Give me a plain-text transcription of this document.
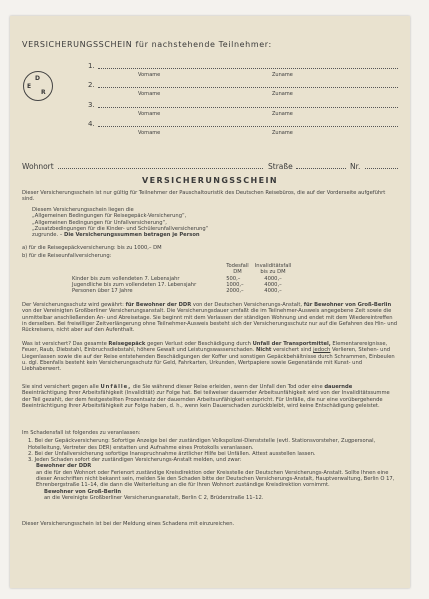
VERSICHERUNGSSCHEIN für nachstehende Teilnehmer:
D
E
R
1.
Vorname	Zuname
2.
Vorname	Zuname
3.
Vorname	Zuname
4.
Vorname	Zuname
Wohnort	Straße	Nr.
VERSICHERUNGSSCHEIN
Dieser Versicherungsschein ist nur gültig für Teilnehmer der Pauschaltouristik des Deutschen Reisebüros, die auf der Vorderseite aufgeführt sind.
Diesem Versicherungsschein liegen die
„Allgemeinen Bedingungen für Reisegepäck-Versicherung“,
„Allgemeinen Bedingungen für Unfallversicherung“,
„Zusatzbedingungen für die Kinder- und Schülerunfallversicherung“
zugrunde. – Die Versicherungssummen betragen je Person
a) für die Reisegepäckversicherung: bis zu 1000,– DM
b) für die Reiseunfallversicherung:
	Todesfall	Invaliditätsfall
	DM	bis zu DM
Kinder bis zum vollendeten 7. Lebensjahr	500,–	4000,–
Jugendliche bis zum vollendeten 17. Lebensjahr	1000,–	4000,–
Personen über 17 Jahre	2000,–	4000,–
Der Versicherungsschutz wird gewährt: für Bewohner der DDR von der Deutschen Versicherungs-Anstalt, für Bewohner von Groß-Berlin von der Vereinigten Großberliner Versicherungsanstalt. Die Versicherungsdauer umfaßt die im Teilnehmer-Ausweis angegebene Zeit sowie die unmittelbar anschließenden An- und Abreisetage. Sie beginnt mit dem Verlassen der ständigen Wohnung und endet mit dem Wiedereintreffen in derselben. Bei freiwilliger Zeitverlängerung ohne Teilnehmer-Ausweis besteht sich der Versicherungsschutz nur auf die Gefahren des Hin- und Rückreisens, nicht aber auf den Aufenthalt.
Was ist versichert? Das gesamte Reisegepäck gegen Verlust oder Beschädigung durch Unfall der Transportmittel, Elementarereignisse, Feuer, Raub, Diebstahl, Einbruchsdiebstahl, höhere Gewalt und Leistungswasserschaden. Nicht versichert sind jedoch Verlieren, Stehen- und Liegenlassen sowie die auf der Reise entstehenden Beschädigungen der Koffer und sonstigen Gepäckbehältnisse durch Schrammen, Einbeulen u. dgl. Ebenfalls besteht kein Versicherungsschutz für Geld, Fahrkarten, Urkunden, Wertpapiere sowie Gegenstände mit Kunst- und Liebhaberwert.
Sie sind versichert gegen alle Unfälle, die Sie während dieser Reise erleiden, wenn der Unfall den Tod oder eine dauernde Beeinträchtigung Ihrer Arbeitsfähigkeit (Invalidität) zur Folge hat. Bei teilweiser dauernder Arbeitsunfähigkeit wird von der Invaliditätssumme der Teil gezahlt, der dem festgestellten Prozentsatz der dauernden Arbeitsunfähigkeit entspricht. Für Unfälle, die nur eine vorübergehende Beeinträchtigung Ihrer Arbeitsfähigkeit zur Folge haben, d. h., wenn kein Dauerschaden zurückbleibt, wird keine Entschädigung geleistet.
Im Schadensfall ist folgendes zu veranlassen:
1. Bei der Gepäckversicherung: Sofortige Anzeige bei der zuständigen Volkspolizei-Dienststelle (evtl. Stationsvorsteher, Zugpersonal, Hotelleitung, Vertreter des DER) erstatten und Aufnahme eines Protokolls veranlassen.
2. Bei der Unfallversicherung sofortige Inanspruchnahme ärztlicher Hilfe bei Unfällen. Attest ausstellen lassen.
3. Jeden Schaden sofort der zuständigen Versicherungs-Anstalt melden, und zwar:
Bewohner der DDR
an die für den Wohnort oder Ferienort zuständige Kreisdirektion oder Kreisstelle der Deutschen Versicherungs-Anstalt. Sollte Ihnen eine dieser Anschriften nicht bekannt sein, melden Sie den Schaden bitte der Deutschen Versicherungs-Anstalt, Hauptverwaltung, Berlin O 17, Ehrenbergstraße 11–14, die dann die Weiterleitung an die für Ihren Wohnort zuständige Kreisdirektion vornimmt.
Bewohner von Groß-Berlin
an die Vereinigte Großberliner Versicherungsanstalt, Berlin C 2, Brüderstraße 11–12.
Dieser Versicherungsschein ist bei der Meldung eines Schadens mit einzureichen.
